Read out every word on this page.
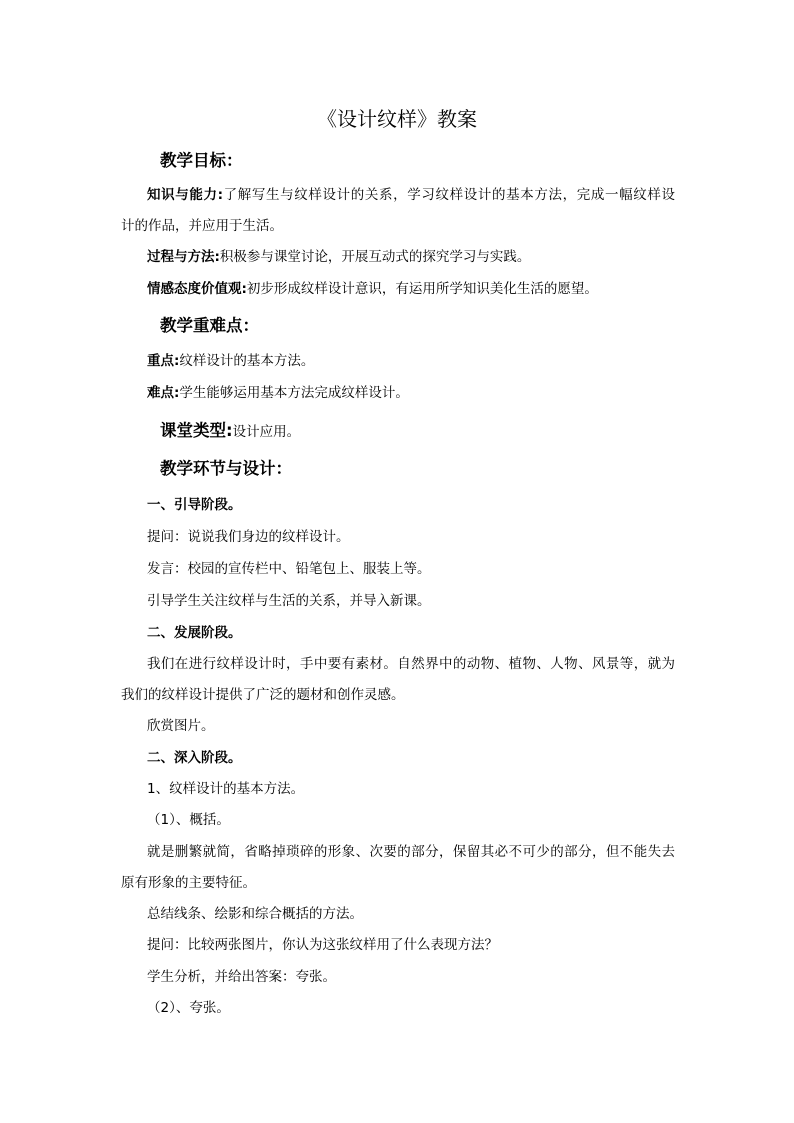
《设计纹样》教案
教学目标：
知识与能力:了解写生与纹样设计的关系，学习纹样设计的基本方法，完成一幅纹样设
计的作品，并应用于生活。
过程与方法:积极参与课堂讨论，开展互动式的探究学习与实践。
情感态度价值观:初步形成纹样设计意识，有运用所学知识美化生活的愿望。
教学重难点：
重点:纹样设计的基本方法。
难点:学生能够运用基本方法完成纹样设计。
课堂类型:设计应用。
教学环节与设计：
一、引导阶段。
提问：说说我们身边的纹样设计。
发言：校园的宣传栏中、铅笔包上、服装上等。
引导学生关注纹样与生活的关系，并导入新课。
二、发展阶段。
我们在进行纹样设计时，手中要有素材。自然界中的动物、植物、人物、风景等，就为
我们的纹样设计提供了广泛的题材和创作灵感。
欣赏图片。
二、深入阶段。
1、纹样设计的基本方法。
（1）、概括。
就是删繁就简，省略掉琐碎的形象、次要的部分，保留其必不可少的部分，但不能失去
原有形象的主要特征。
总结线条、绘影和综合概括的方法。
提问：比较两张图片，你认为这张纹样用了什么表现方法？
学生分析，并给出答案：夸张。
（2）、夸张。
